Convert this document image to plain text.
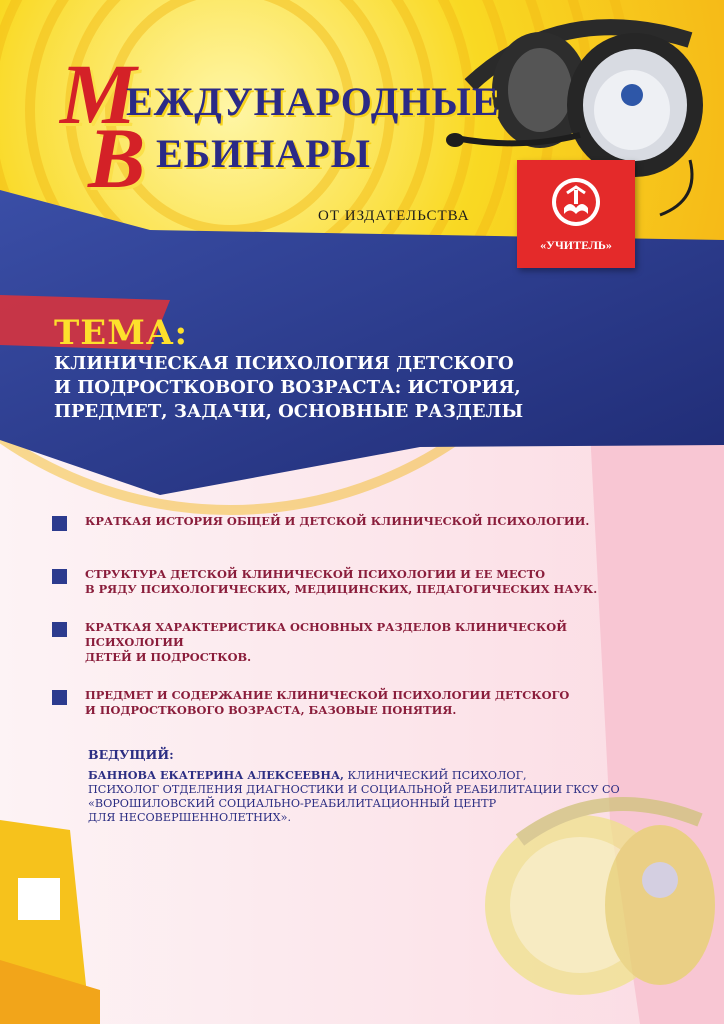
М
ЕЖДУНАРОДНЫЕ
В ЕБИНАРЫ
ОТ ИЗДАТЕЛЬСТВА
«УЧИТЕЛЬ»
ТЕМА:
КЛИНИЧЕСКАЯ ПСИХОЛОГИЯ ДЕТСКОГО
И ПОДРОСТКОВОГО ВОЗРАСТА: ИСТОРИЯ,
ПРЕДМЕТ, ЗАДАЧИ, ОСНОВНЫЕ РАЗДЕЛЫ
КРАТКАЯ ИСТОРИЯ ОБЩЕЙ И ДЕТСКОЙ КЛИНИЧЕСКОЙ ПСИХОЛОГИИ.
СТРУКТУРА ДЕТСКОЙ КЛИНИЧЕСКОЙ ПСИХОЛОГИИ И ЕЕ МЕСТО
В РЯДУ ПСИХОЛОГИЧЕСКИХ, МЕДИЦИНСКИХ, ПЕДАГОГИЧЕСКИХ НАУК.
КРАТКАЯ ХАРАКТЕРИСТИКА ОСНОВНЫХ РАЗДЕЛОВ КЛИНИЧЕСКОЙ ПСИХОЛОГИИ
ДЕТЕЙ И ПОДРОСТКОВ.
ПРЕДМЕТ И СОДЕРЖАНИЕ КЛИНИЧЕСКОЙ ПСИХОЛОГИИ ДЕТСКОГО
И ПОДРОСТКОВОГО ВОЗРАСТА, БАЗОВЫЕ ПОНЯТИЯ.
ВЕДУЩИЙ:
БАННОВА ЕКАТЕРИНА АЛЕКСЕЕВНА, КЛИНИЧЕСКИЙ ПСИХОЛОГ,
ПСИХОЛОГ ОТДЕЛЕНИЯ ДИАГНОСТИКИ И СОЦИАЛЬНОЙ РЕАБИЛИТАЦИИ ГКСУ СО
«ВОРОШИЛОВСКИЙ СОЦИАЛЬНО-РЕАБИЛИТАЦИОННЫЙ ЦЕНТР
ДЛЯ НЕСОВЕРШЕННОЛЕТНИХ».
